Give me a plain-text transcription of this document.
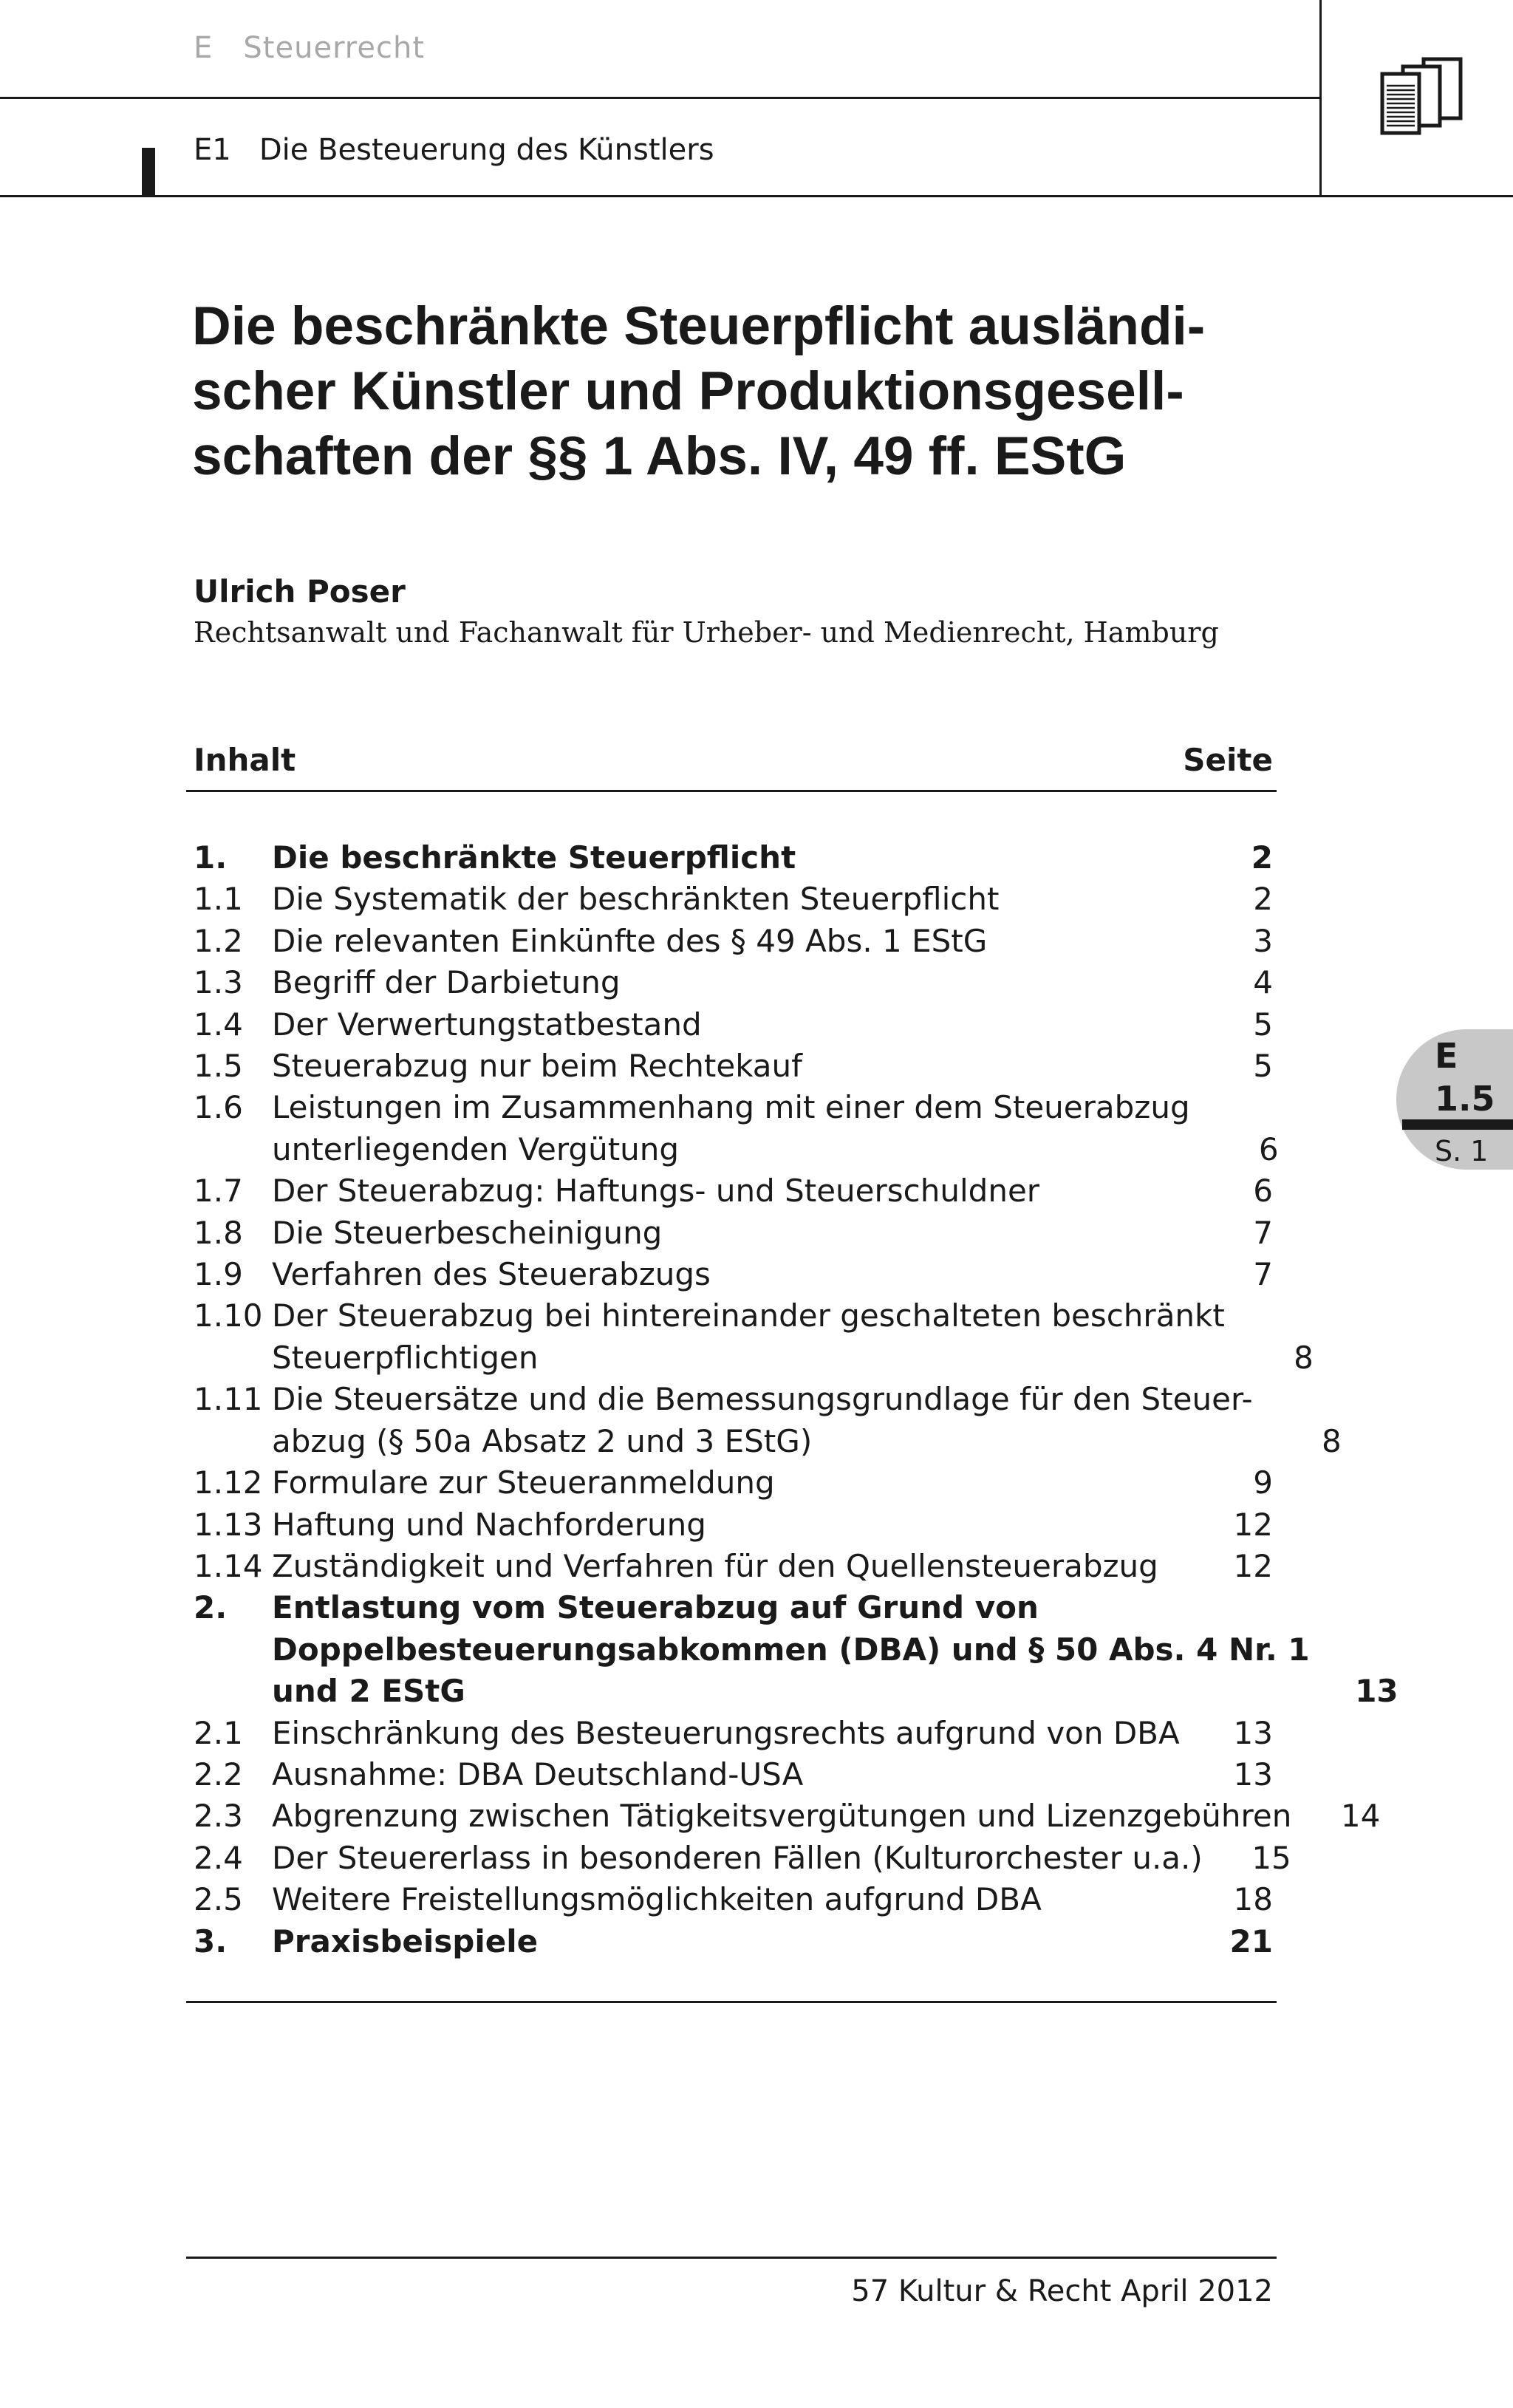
E   Steuerrecht
E1   Die Besteuerung des Künstlers
Die beschränkte Steuerpflicht ausländi-
scher Künstler und Produktionsgesell-
schaften der §§ 1 Abs. IV, 49 ff. EStG
Ulrich Poser
Rechtsanwalt und Fachanwalt für Urheber- und Medienrecht, Hamburg
Inhalt	Seite
1.	Die beschränkte Steuerpflicht	2
1.1 Die Systematik der beschränkten Steuerpflicht	2
1.2 Die relevanten Einkünfte des § 49 Abs. 1 EStG	3
1.3 Begriff der Darbietung	4
1.4 Der Verwertungstatbestand	5
1.5 Steuerabzug nur beim Rechtekauf	5
1.6 Leistungen im Zusammenhang mit einer dem Steuerabzug
unterliegenden Vergütung	6
1.7 Der Steuerabzug: Haftungs- und Steuerschuldner	6
1.8 Die Steuerbescheinigung	7
1.9 Verfahren des Steuerabzugs	7
1.10 Der Steuerabzug bei hintereinander geschalteten beschränkt
Steuerpflichtigen	8
1.11 Die Steuersätze und die Bemessungsgrundlage für den Steuer-
abzug (§ 50a Absatz 2 und 3 EStG)	8
1.12 Formulare zur Steueranmeldung	9
1.13 Haftung und Nachforderung	12
1.14 Zuständigkeit und Verfahren für den Quellensteuerabzug	12
2.	Entlastung vom Steuerabzug auf Grund von
Doppelbesteuerungsabkommen (DBA) und § 50 Abs. 4 Nr. 1
und 2 EStG	13
2.1 Einschränkung des Besteuerungsrechts aufgrund von DBA	13
2.2 Ausnahme: DBA Deutschland-USA	13
2.3 Abgrenzung zwischen Tätigkeitsvergütungen und Lizenzgebühren	14
2.4 Der Steuererlass in besonderen Fällen (Kulturorchester u.a.)	15
2.5 Weitere Freistellungsmöglichkeiten aufgrund DBA	18
3.	Praxisbeispiele	21
E
1.5
S. 1
57 Kultur & Recht April 2012
